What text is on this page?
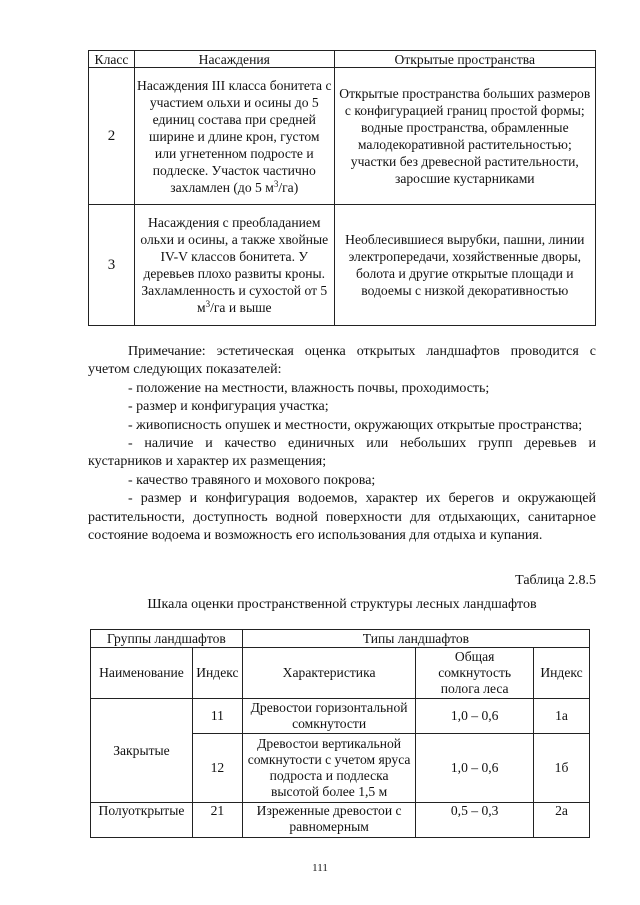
Класс	Насаждения	Открытые пространства
2	Насаждения III класса бонитета с участием ольхи и осины до 5 единиц состава при средней ширине и длине крон, густом или угнетенном подросте и подлеске. Участок частично захламлен (до 5 $м^3/га$)	Открытые пространства больших размеров с конфигурацией границ простой формы; водные пространства, обрамленные малодекоративной растительностью; участки без древесной растительности, заросшие кустарниками
3	Насаждения с преобладанием ольхи и осины, а также хвойные IV-V классов бонитета. У деревьев плохо развиты кроны. Захламленность и сухостой от 5 $м^3/га$ и выше	Необлесившиеся вырубки, пашни, линии электропередачи, хозяйственные дворы, болота и другие открытые площади и водоемы с низкой декоративностью

Примечание: эстетическая оценка открытых ландшафтов проводится с учетом следующих показателей:

- положение на местности, влажность почвы, проходимость;

- размер и конфигурация участка;

- живописность опушек и местности, окружающих открытые пространства;

- наличие и качество единичных или небольших групп деревьев и кустарников и характер их размещения;

- качество травяного и мохового покрова;

- размер и конфигурация водоемов, характер их берегов и окружающей растительности, доступность водной поверхности для отдыхающих, санитарное состояние водоема и возможность его использования для отдыха и купания.

Таблица 2.8.5
Шкала оценки пространственной структуры лесных ландшафтов
Группы ландшафтов		Типы ландшафтов		
Наименование	Индекс	Характеристика	Общая сомкнутость полога леса	Индекс
Закрытые	11	Древостои горизонтальной сомкнутости	1,0 – 0,6	1а
	12	Древостои вертикальной сомкнутости с учетом яруса подроста и подлеска высотой более 1,5 м	1,0 – 0,6	1б
Полуоткрытые	21	Изреженные древостои с равномерным	0,5 – 0,3	2а
111
